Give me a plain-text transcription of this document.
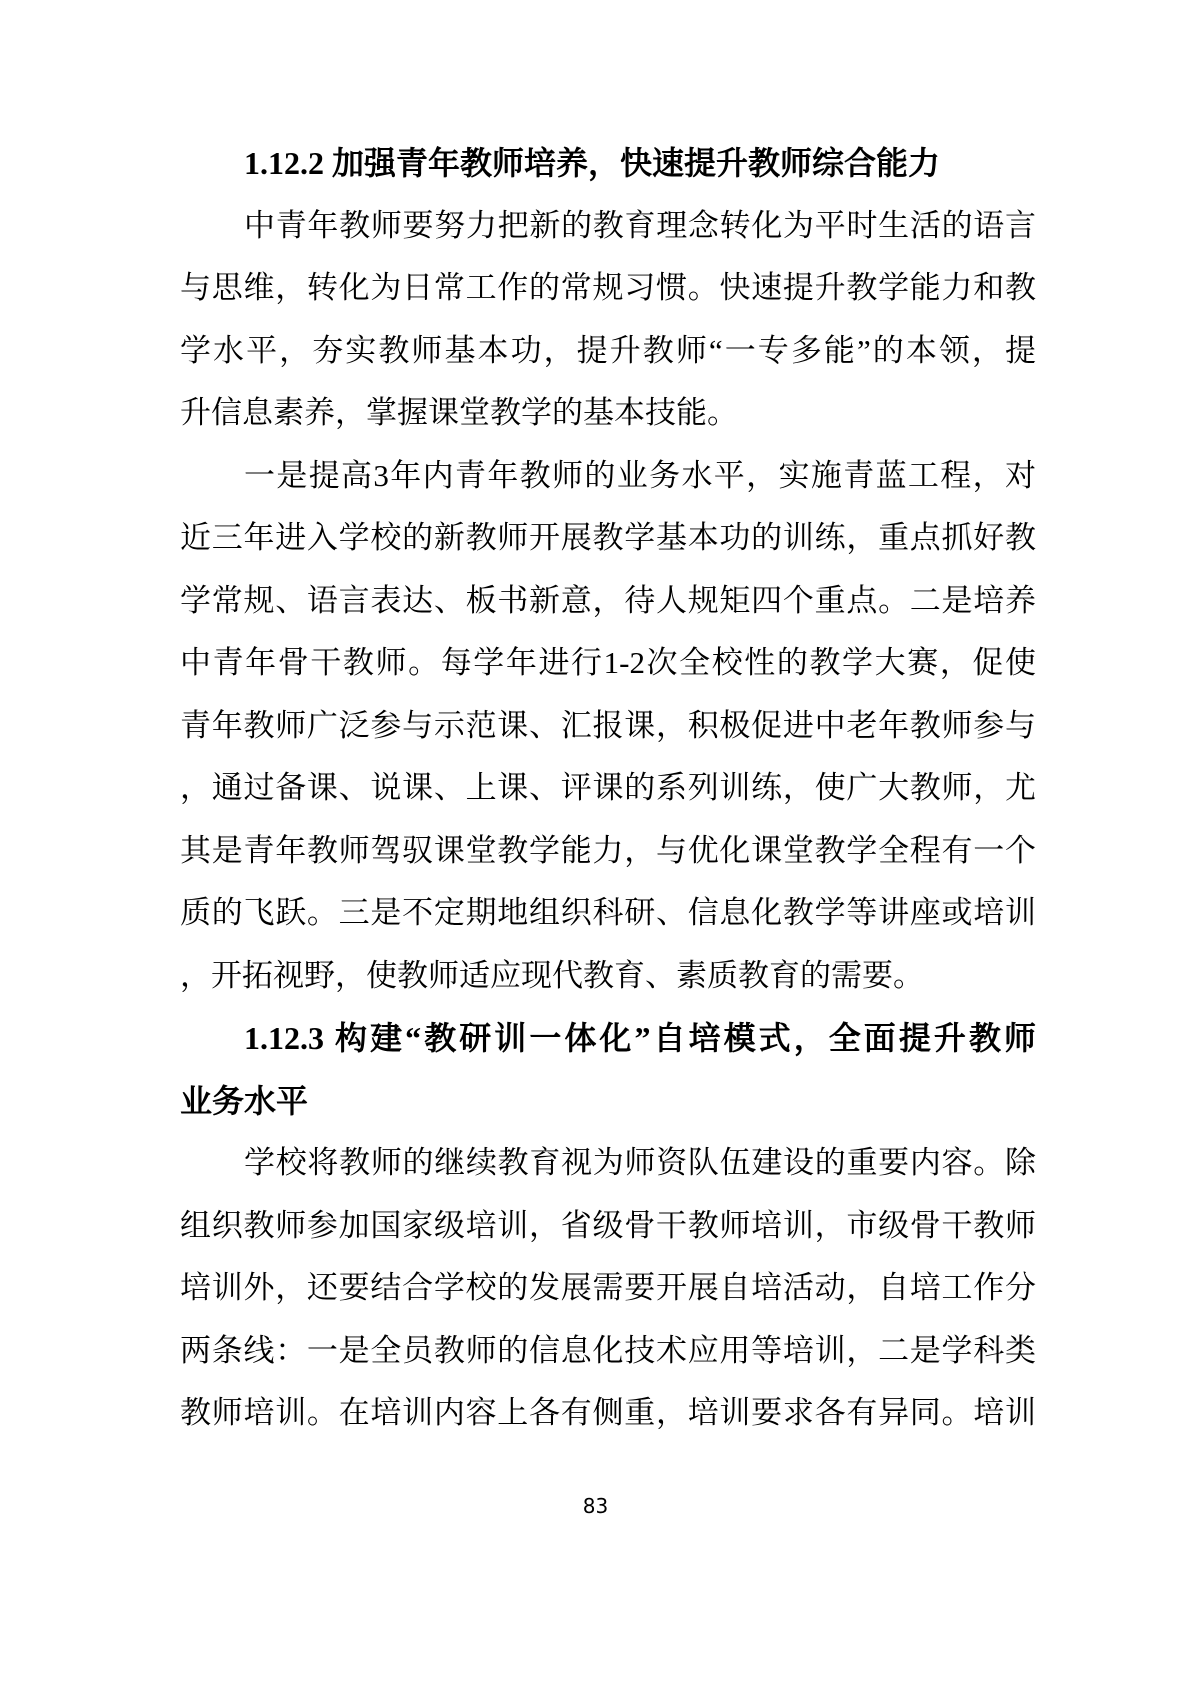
1.12.2 加强青年教师培养，快速提升教师综合能力
中青年教师要努力把新的教育理念转化为平时生活的语言
与思维，转化为日常工作的常规习惯。快速提升教学能力和教
学水平，夯实教师基本功，提升教师“一专多能”的本领，提
升信息素养，掌握课堂教学的基本技能。
一是提高3年内青年教师的业务水平，实施青蓝工程，对
近三年进入学校的新教师开展教学基本功的训练，重点抓好教
学常规、语言表达、板书新意，待人规矩四个重点。二是培养
中青年骨干教师。每学年进行1-2次全校性的教学大赛，促使
青年教师广泛参与示范课、汇报课，积极促进中老年教师参与
，通过备课、说课、上课、评课的系列训练，使广大教师，尤
其是青年教师驾驭课堂教学能力，与优化课堂教学全程有一个
质的飞跃。三是不定期地组织科研、信息化教学等讲座或培训
，开拓视野，使教师适应现代教育、素质教育的需要。
1.12.3 构建“教研训一体化”自培模式，全面提升教师
业务水平
学校将教师的继续教育视为师资队伍建设的重要内容。除
组织教师参加国家级培训，省级骨干教师培训，市级骨干教师
培训外，还要结合学校的发展需要开展自培活动，自培工作分
两条线：一是全员教师的信息化技术应用等培训，二是学科类
教师培训。在培训内容上各有侧重，培训要求各有异同。培训
83
